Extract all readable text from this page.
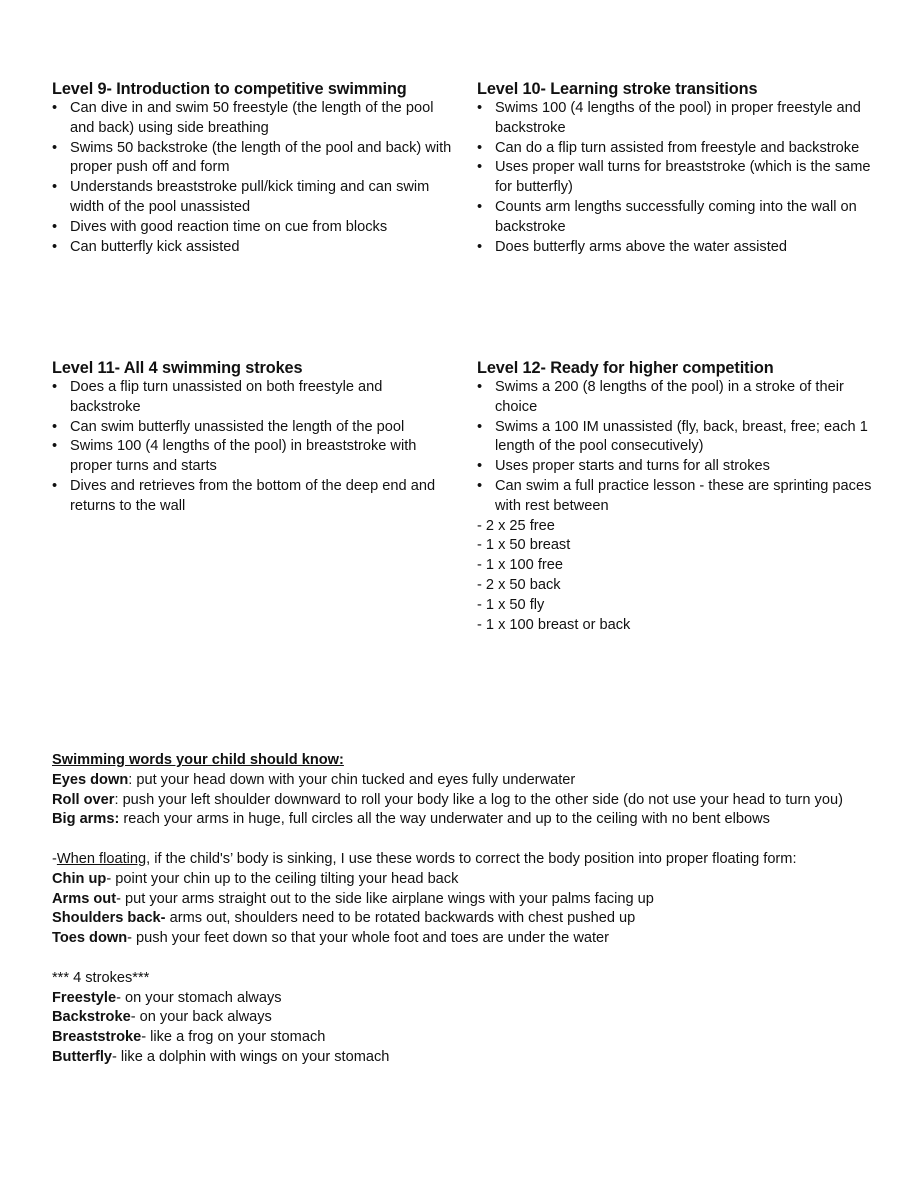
Level 9- Introduction to competitive swimming
• Can dive in and swim 50 freestyle (the length of the pool and back) using side breathing
• Swims 50 backstroke (the length of the pool and back) with proper push off and form
• Understands breaststroke pull/kick timing and can swim width of the pool unassisted
• Dives with good reaction time on cue from blocks
• Can butterfly kick assisted
Level 10- Learning stroke transitions
• Swims 100 (4 lengths of the pool) in proper freestyle and backstroke
• Can do a flip turn assisted from freestyle and backstroke
• Uses proper wall turns for breaststroke (which is the same for butterfly)
• Counts arm lengths successfully coming into the wall on backstroke
• Does butterfly arms above the water assisted
Level 11- All 4 swimming strokes
• Does a flip turn unassisted on both freestyle and backstroke
• Can swim butterfly unassisted the length of the pool
• Swims 100 (4 lengths of the pool) in breaststroke with proper turns and starts
• Dives and retrieves from the bottom of the deep end and returns to the wall
Level 12- Ready for higher competition
• Swims a 200 (8 lengths of the pool) in a stroke of their choice
• Swims a 100 IM unassisted (fly, back, breast, free; each 1 length of the pool consecutively)
• Uses proper starts and turns for all strokes
• Can swim a full practice lesson - these are sprinting paces with rest between
- 2 x 25 free
- 1 x 50 breast
- 1 x 100 free
- 2 x 50 back
- 1 x 50 fly
- 1 x 100 breast or back

Swimming words your child should know:

Eyes down: put your head down with your chin tucked and eyes fully underwater

Roll over: push your left shoulder downward to roll your body like a log to the other side (do not use your head to turn you)

Big arms: reach your arms in huge, full circles all the way underwater and up to the ceiling with no bent elbows

-When floating, if the child's’ body is sinking, I use these words to correct the body position into proper floating form:

Chin up- point your chin up to the ceiling tilting your head back

Arms out- put your arms straight out to the side like airplane wings with your palms facing up

Shoulders back- arms out, shoulders need to be rotated backwards with chest pushed up

Toes down- push your feet down so that your whole foot and toes are under the water

*** 4 strokes***

Freestyle- on your stomach always

Backstroke- on your back always

Breaststroke- like a frog on your stomach

Butterfly- like a dolphin with wings on your stomach
